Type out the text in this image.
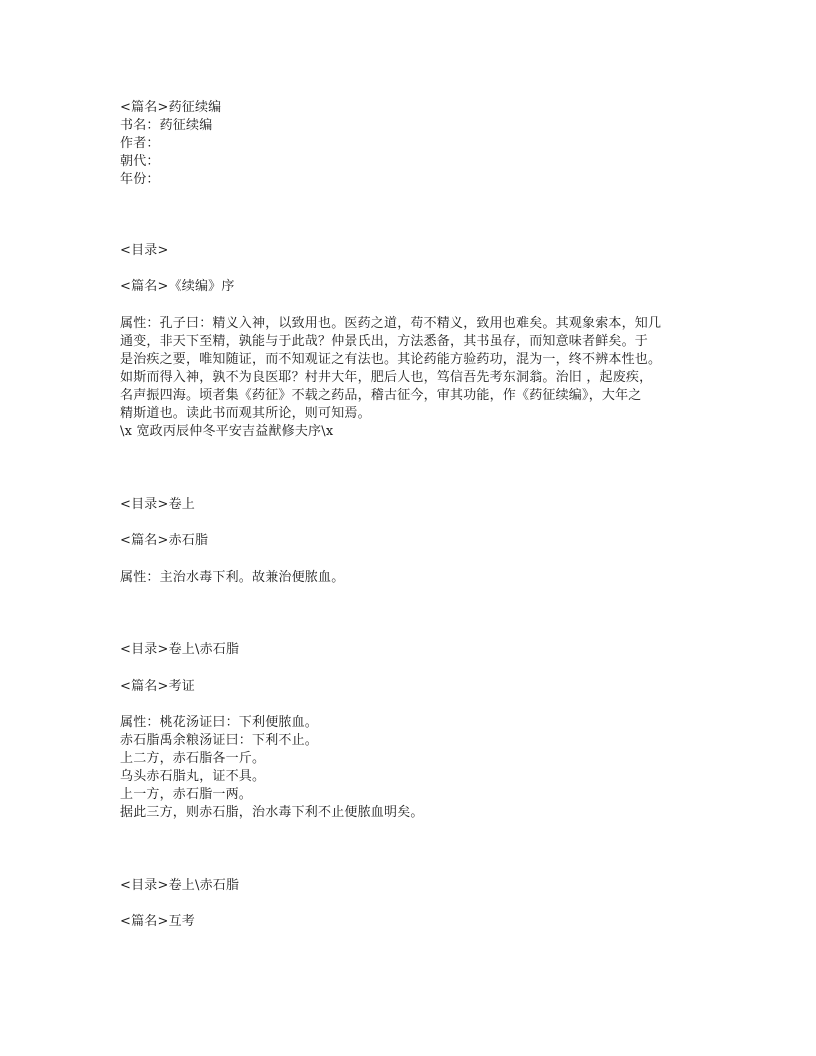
<篇名>药征续编
书名：药征续编
作者：
朝代：
年份：
<目录>
<篇名>《续编》序
属性：孔子曰：精义入神，以致用也。医药之道，苟不精义，致用也难矣。其观象索本，知几
通变，非天下至精，孰能与于此哉？仲景氏出，方法悉备，其书虽存，而知意味者鲜矣。于
是治疾之要，唯知随证，而不知观证之有法也。其论药能方验药功，混为一，终不辨本性也。
如斯而得入神，孰不为良医耶？村井大年，肥后人也，笃信吾先考东洞翁。治旧 ，起废疾，
名声振四海。顷者集《药征》不载之药品，稽古征今，审其功能，作《药征续编》，大年之
精斯道也。读此书而观其所论，则可知焉。
\x 宽政丙辰仲冬平安吉益猷修夫序\x
<目录>卷上
<篇名>赤石脂
属性：主治水毒下利。故兼治便脓血。
<目录>卷上\赤石脂
<篇名>考证
属性：桃花汤证曰：下利便脓血。
赤石脂禹余粮汤证曰：下利不止。
上二方，赤石脂各一斤。
乌头赤石脂丸，证不具。
上一方，赤石脂一两。
据此三方，则赤石脂，治水毒下利不止便脓血明矣。
<目录>卷上\赤石脂
<篇名>互考
